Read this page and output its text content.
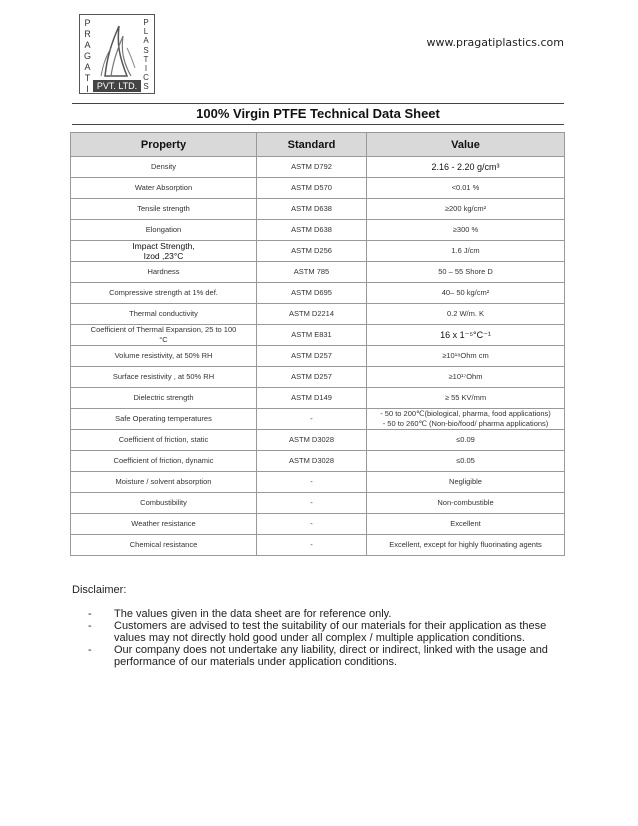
P
R
A
G
A
T
I
P
L
A
S
T
I
C
S
PVT. LTD.
www.pragatiplastics.com
100% Virgin PTFE Technical Data Sheet
Property	Standard	Value
Density	ASTM D792	2.16 - 2.20 g/cm³
Water Absorption	ASTM D570	<0.01 %
Tensile strength	ASTM D638	≥200 kg/cm²
Elongation	ASTM D638	≥300 %

Impact Strength,
Izod ,23°C	ASTM D256	1.6 J/cm
Hardness	ASTM 785	50 – 55 Shore D
Compressive strength at 1% def.	ASTM D695	40– 50 kg/cm²
Thermal conductivity	ASTM D2214	0.2 W/m. K

Coefficient of Thermal Expansion, 25 to 100
°C	ASTM E831	16 x 1⁻⁵°C⁻¹
Volume resistivity, at 50% RH	ASTM D257	≥10¹⁸Ohm cm
Surface resistivity , at 50% RH	ASTM D257	≥10¹⁷Ohm
Dielectric strength	ASTM D149	≥ 55 KV/mm
Safe Operating temperatures	-	- 50 to 200℃(biological, pharma, food applications)
- 50 to 260℃ (Non-bio/food/ pharma applications)

Coefficient of friction, static	ASTM D3028	≤0.09
Coefficient of friction, dynamic	ASTM D3028	≤0.05
Moisture / solvent absorption	-	Negligible
Combustibility	-	Non-combustible
Weather resistance	-	Excellent
Chemical resistance	-	Excellent, except for highly fluorinating agents
Disclaimer:
- The values given in the data sheet are for reference only.
- Customers are advised to test the suitability of our materials for their application as these values may not directly hold good under all complex / multiple application conditions.
- Our company does not undertake any liability, direct or indirect, linked with the usage and performance of our materials under application conditions.
